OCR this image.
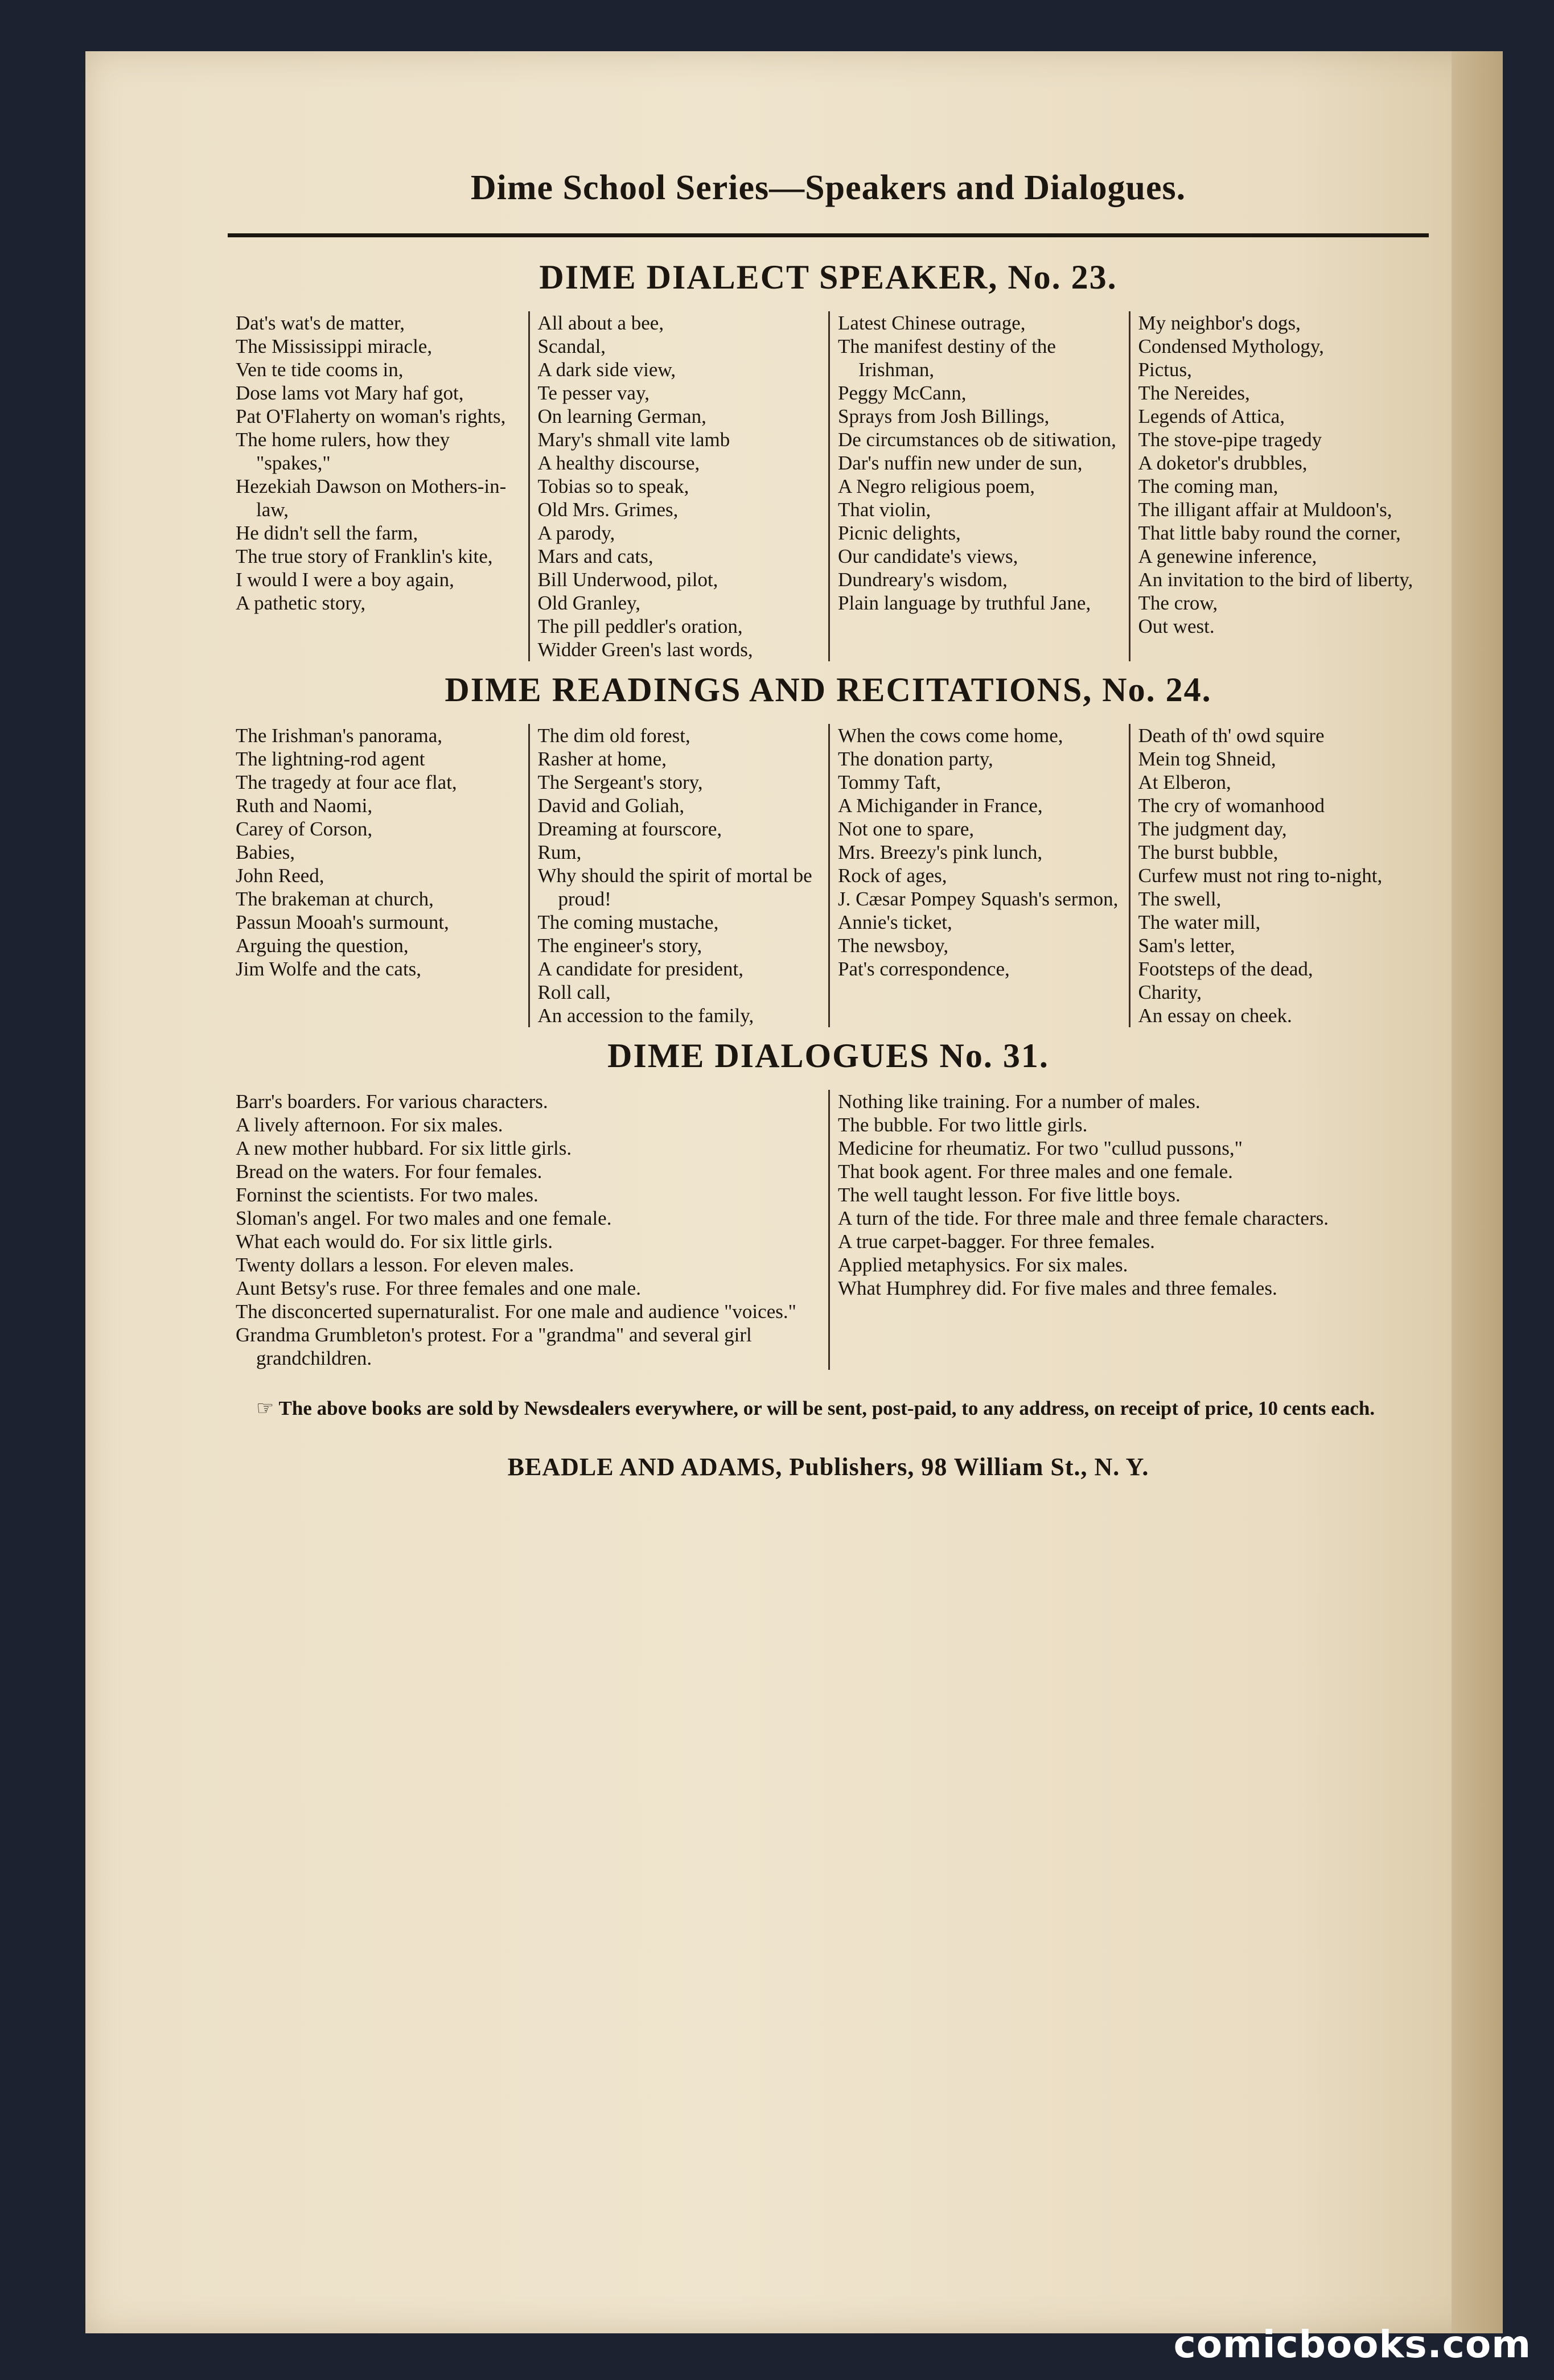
Dime School Series—Speakers and Dialogues.
DIME DIALECT SPEAKER, No. 23.

Dat's wat's de matter,

The Mississippi miracle,

Ven te tide cooms in,

Dose lams vot Mary haf got,

Pat O'Flaherty on woman's rights,

The home rulers, how they "spakes,"

Hezekiah Dawson on Mothers-in-law,

He didn't sell the farm,

The true story of Franklin's kite,

I would I were a boy again,

A pathetic story,

All about a bee,

Scandal,

A dark side view,

Te pesser vay,

On learning German,

Mary's shmall vite lamb

A healthy discourse,

Tobias so to speak,

Old Mrs. Grimes,

A parody,

Mars and cats,

Bill Underwood, pilot,

Old Granley,

The pill peddler's oration,

Widder Green's last words,

Latest Chinese outrage,

The manifest destiny of the Irishman,

Peggy McCann,

Sprays from Josh Billings,

De circumstances ob de sitiwation,

Dar's nuffin new under de sun,

A Negro religious poem,

That violin,

Picnic delights,

Our candidate's views,

Dundreary's wisdom,

Plain language by truthful Jane,

My neighbor's dogs,

Condensed Mythology,

Pictus,

The Nereides,

Legends of Attica,

The stove-pipe tragedy

A doketor's drubbles,

The coming man,

The illigant affair at Muldoon's,

That little baby round the corner,

A genewine inference,

An invitation to the bird of liberty,

The crow,

Out west.

DIME READINGS AND RECITATIONS, No. 24.

The Irishman's panorama,

The lightning-rod agent

The tragedy at four ace flat,

Ruth and Naomi,

Carey of Corson,

Babies,

John Reed,

The brakeman at church,

Passun Mooah's surmount,

Arguing the question,

Jim Wolfe and the cats,

The dim old forest,

Rasher at home,

The Sergeant's story,

David and Goliah,

Dreaming at fourscore,

Rum,

Why should the spirit of mortal be proud!

The coming mustache,

The engineer's story,

A candidate for president,

Roll call,

An accession to the family,

When the cows come home,

The donation party,

Tommy Taft,

A Michigander in France,

Not one to spare,

Mrs. Breezy's pink lunch,

Rock of ages,

J. Cæsar Pompey Squash's sermon,

Annie's ticket,

The newsboy,

Pat's correspondence,

Death of th' owd squire

Mein tog Shneid,

At Elberon,

The cry of womanhood

The judgment day,

The burst bubble,

Curfew must not ring to-night,

The swell,

The water mill,

Sam's letter,

Footsteps of the dead,

Charity,

An essay on cheek.

DIME DIALOGUES No. 31.

Barr's boarders. For various characters.

A lively afternoon. For six males.

A new mother hubbard. For six little girls.

Bread on the waters. For four females.

Forninst the scientists. For two males.

Sloman's angel. For two males and one female.

What each would do. For six little girls.

Twenty dollars a lesson. For eleven males.

Aunt Betsy's ruse. For three females and one male.

The disconcerted supernaturalist. For one male and audience "voices."

Grandma Grumbleton's protest. For a "grandma" and several girl grandchildren.

Nothing like training. For a number of males.

The bubble. For two little girls.

Medicine for rheumatiz. For two "cullud pussons,"

That book agent. For three males and one female.

The well taught lesson. For five little boys.

A turn of the tide. For three male and three female characters.

A true carpet-bagger. For three females.

Applied metaphysics. For six males.

What Humphrey did. For five males and three females.

☞ The above books are sold by Newsdealers everywhere, or will be sent, post-paid, to any address, on receipt of price, 10 cents each.

BEADLE AND ADAMS, Publishers, 98 William St., N. Y.
comicbooks.com
